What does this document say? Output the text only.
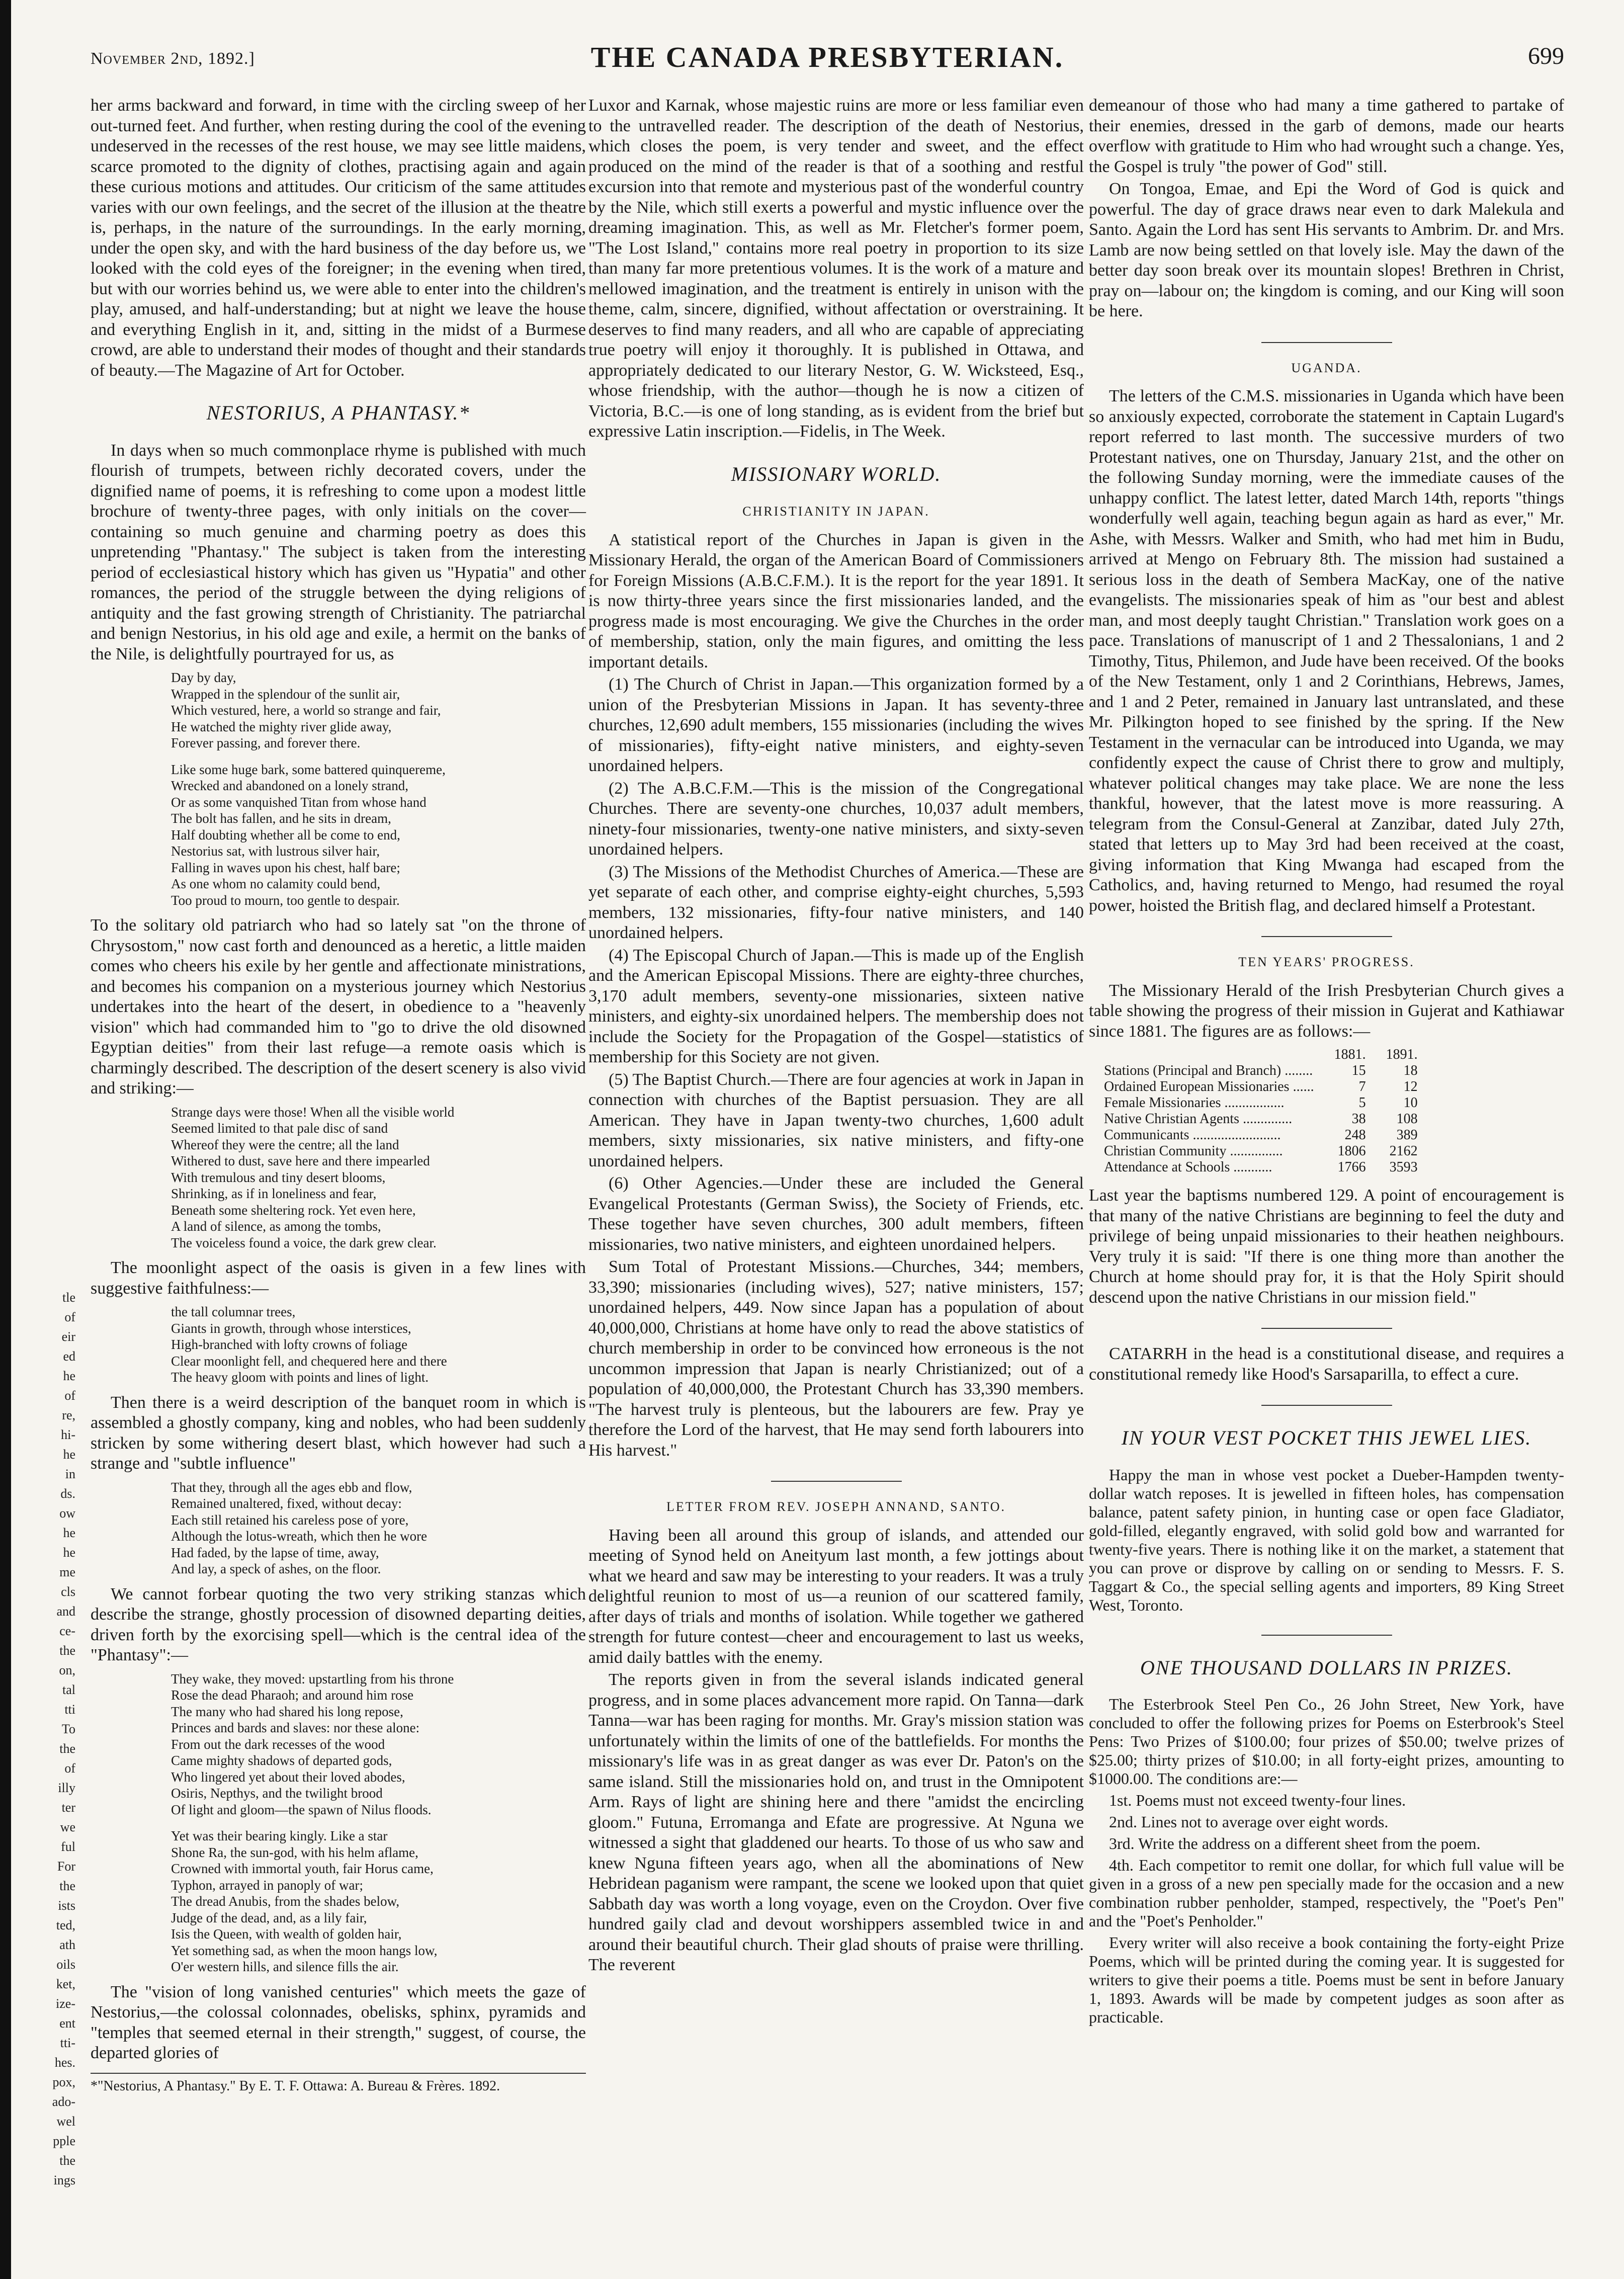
tle
of
eir
ed
he
of
re,
hi-
he
in
ds.
ow
he
he
me
cls
and
ce-
the
on,
tal
tti
To
the
of
illy
ter
we
ful
For
the
ists
ted,
ath
oils
ket,
ize-
ent
tti-
hes.
pox,
ado-
wel
pple
the
ings
November 2nd, 1892.]	THE CANADA PRESBYTERIAN.	699

her arms backward and forward, in time with the circling sweep of her out-turned feet. And further, when resting during the cool of the evening undeserved in the recesses of the rest house, we may see little maidens, scarce promoted to the dignity of clothes, practising again and again these curious motions and attitudes. Our criticism of the same attitudes varies with our own feelings, and the secret of the illusion at the theatre is, perhaps, in the nature of the surroundings. In the early morning, under the open sky, and with the hard business of the day before us, we looked with the cold eyes of the foreigner; in the evening when tired, but with our worries behind us, we were able to enter into the children's play, amused, and half-understanding; but at night we leave the house and everything English in it, and, sitting in the midst of a Burmese crowd, are able to understand their modes of thought and their standards of beauty.—The Magazine of Art for October.

NESTORIUS, A PHANTASY.*

In days when so much commonplace rhyme is published with much flourish of trumpets, between richly decorated covers, under the dignified name of poems, it is refreshing to come upon a modest little brochure of twenty-three pages, with only initials on the cover—containing so much genuine and charming poetry as does this unpretending "Phantasy." The subject is taken from the interesting period of ecclesiastical history which has given us "Hypatia" and other romances, the period of the struggle between the dying religions of antiquity and the fast growing strength of Christianity. The patriarchal and benign Nestorius, in his old age and exile, a hermit on the banks of the Nile, is delightfully pourtrayed for us, as

Day by day,
Wrapped in the splendour of the sunlit air,
Which vestured, here, a world so strange and fair,
He watched the mighty river glide away,
Forever passing, and forever there.
Like some huge bark, some battered quinquereme,
Wrecked and abandoned on a lonely strand,
Or as some vanquished Titan from whose hand
The bolt has fallen, and he sits in dream,
Half doubting whether all be come to end,
Nestorius sat, with lustrous silver hair,
Falling in waves upon his chest, half bare;
As one whom no calamity could bend,
Too proud to mourn, too gentle to despair.

To the solitary old patriarch who had so lately sat "on the throne of Chrysostom," now cast forth and denounced as a heretic, a little maiden comes who cheers his exile by her gentle and affectionate ministrations, and becomes his companion on a mysterious journey which Nestorius undertakes into the heart of the desert, in obedience to a "heavenly vision" which had commanded him to "go to drive the old disowned Egyptian deities" from their last refuge—a remote oasis which is charmingly described. The description of the desert scenery is also vivid and striking:—

Strange days were those! When all the visible world
Seemed limited to that pale disc of sand
Whereof they were the centre; all the land
Withered to dust, save here and there impearled
With tremulous and tiny desert blooms,
Shrinking, as if in loneliness and fear,
Beneath some sheltering rock. Yet even here,
A land of silence, as among the tombs,
The voiceless found a voice, the dark grew clear.

The moonlight aspect of the oasis is given in a few lines with suggestive faithfulness:—

the tall columnar trees,
Giants in growth, through whose interstices,
High-branched with lofty crowns of foliage
Clear moonlight fell, and chequered here and there
The heavy gloom with points and lines of light.

Then there is a weird description of the banquet room in which is assembled a ghostly company, king and nobles, who had been suddenly stricken by some withering desert blast, which however had such a strange and "subtle influence"

That they, through all the ages ebb and flow,
Remained unaltered, fixed, without decay:
Each still retained his careless pose of yore,
Although the lotus-wreath, which then he wore
Had faded, by the lapse of time, away,
And lay, a speck of ashes, on the floor.

We cannot forbear quoting the two very striking stanzas which describe the strange, ghostly procession of disowned departing deities, driven forth by the exorcising spell—which is the central idea of the "Phantasy":—

They wake, they moved: upstartling from his throne
Rose the dead Pharaoh; and around him rose
The many who had shared his long repose,
Princes and bards and slaves: nor these alone:
From out the dark recesses of the wood
Came mighty shadows of departed gods,
Who lingered yet about their loved abodes,
Osiris, Nepthys, and the twilight brood
Of light and gloom—the spawn of Nilus floods.
Yet was their bearing kingly. Like a star
Shone Ra, the sun-god, with his helm aflame,
Crowned with immortal youth, fair Horus came,
Typhon, arrayed in panoply of war;
The dread Anubis, from the shades below,
Judge of the dead, and, as a lily fair,
Isis the Queen, with wealth of golden hair,
Yet something sad, as when the moon hangs low,
O'er western hills, and silence fills the air.

The "vision of long vanished centuries" which meets the gaze of Nestorius,—the colossal colonnades, obelisks, sphinx, pyramids and "temples that seemed eternal in their strength," suggest, of course, the departed glories of

*"Nestorius, A Phantasy." By E. T. F. Ottawa: A. Bureau & Frères. 1892.

Luxor and Karnak, whose majestic ruins are more or less familiar even to the untravelled reader. The description of the death of Nestorius, which closes the poem, is very tender and sweet, and the effect produced on the mind of the reader is that of a soothing and restful excursion into that remote and mysterious past of the wonderful country by the Nile, which still exerts a powerful and mystic influence over the dreaming imagination. This, as well as Mr. Fletcher's former poem, "The Lost Island," contains more real poetry in proportion to its size than many far more pretentious volumes. It is the work of a mature and mellowed imagination, and the treatment is entirely in unison with the theme, calm, sincere, dignified, without affectation or overstraining. It deserves to find many readers, and all who are capable of appreciating true poetry will enjoy it thoroughly. It is published in Ottawa, and appropriately dedicated to our literary Nestor, G. W. Wicksteed, Esq., whose friendship, with the author—though he is now a citizen of Victoria, B.C.—is one of long standing, as is evident from the brief but expressive Latin inscription.—Fidelis, in The Week.

MISSIONARY WORLD.
CHRISTIANITY IN JAPAN.

A statistical report of the Churches in Japan is given in the Missionary Herald, the organ of the American Board of Commissioners for Foreign Missions (A.B.C.F.M.). It is the report for the year 1891. It is now thirty-three years since the first missionaries landed, and the progress made is most encouraging. We give the Churches in the order of membership, station, only the main figures, and omitting the less important details.

(1) The Church of Christ in Japan.—This organization formed by a union of the Presbyterian Missions in Japan. It has seventy-three churches, 12,690 adult members, 155 missionaries (including the wives of missionaries), fifty-eight native ministers, and eighty-seven unordained helpers.

(2) The A.B.C.F.M.—This is the mission of the Congregational Churches. There are seventy-one churches, 10,037 adult members, ninety-four missionaries, twenty-one native ministers, and sixty-seven unordained helpers.

(3) The Missions of the Methodist Churches of America.—These are yet separate of each other, and comprise eighty-eight churches, 5,593 members, 132 missionaries, fifty-four native ministers, and 140 unordained helpers.

(4) The Episcopal Church of Japan.—This is made up of the English and the American Episcopal Missions. There are eighty-three churches, 3,170 adult members, seventy-one missionaries, sixteen native ministers, and eighty-six unordained helpers. The membership does not include the Society for the Propagation of the Gospel—statistics of membership for this Society are not given.

(5) The Baptist Church.—There are four agencies at work in Japan in connection with churches of the Baptist persuasion. They are all American. They have in Japan twenty-two churches, 1,600 adult members, sixty missionaries, six native ministers, and fifty-one unordained helpers.

(6) Other Agencies.—Under these are included the General Evangelical Protestants (German Swiss), the Society of Friends, etc. These together have seven churches, 300 adult members, fifteen missionaries, two native ministers, and eighteen unordained helpers.

Sum Total of Protestant Missions.—Churches, 344; members, 33,390; missionaries (including wives), 527; native ministers, 157; unordained helpers, 449. Now since Japan has a population of about 40,000,000, Christians at home have only to read the above statistics of church membership in order to be convinced how erroneous is the not uncommon impression that Japan is nearly Christianized; out of a population of 40,000,000, the Protestant Church has 33,390 members. "The harvest truly is plenteous, but the labourers are few. Pray ye therefore the Lord of the harvest, that He may send forth labourers into His harvest."

LETTER FROM REV. JOSEPH ANNAND, SANTO.

Having been all around this group of islands, and attended our meeting of Synod held on Aneityum last month, a few jottings about what we heard and saw may be interesting to your readers. It was a truly delightful reunion to most of us—a reunion of our scattered family, after days of trials and months of isolation. While together we gathered strength for future contest—cheer and encouragement to last us weeks, amid daily battles with the enemy.

The reports given in from the several islands indicated general progress, and in some places advancement more rapid. On Tanna—dark Tanna—war has been raging for months. Mr. Gray's mission station was unfortunately within the limits of one of the battlefields. For months the missionary's life was in as great danger as was ever Dr. Paton's on the same island. Still the missionaries hold on, and trust in the Omnipotent Arm. Rays of light are shining here and there "amidst the encircling gloom." Futuna, Erromanga and Efate are progressive. At Nguna we witnessed a sight that gladdened our hearts. To those of us who saw and knew Nguna fifteen years ago, when all the abominations of New Hebridean paganism were rampant, the scene we looked upon that quiet Sabbath day was worth a long voyage, even on the Croydon. Over five hundred gaily clad and devout worshippers assembled twice in and around their beautiful church. Their glad shouts of praise were thrilling. The reverent

demeanour of those who had many a time gathered to partake of their enemies, dressed in the garb of demons, made our hearts overflow with gratitude to Him who had wrought such a change. Yes, the Gospel is truly "the power of God" still.

On Tongoa, Emae, and Epi the Word of God is quick and powerful. The day of grace draws near even to dark Malekula and Santo. Again the Lord has sent His servants to Ambrim. Dr. and Mrs. Lamb are now being settled on that lovely isle. May the dawn of the better day soon break over its mountain slopes! Brethren in Christ, pray on—labour on; the kingdom is coming, and our King will soon be here.

UGANDA.

The letters of the C.M.S. missionaries in Uganda which have been so anxiously expected, corroborate the statement in Captain Lugard's report referred to last month. The successive murders of two Protestant natives, one on Thursday, January 21st, and the other on the following Sunday morning, were the immediate causes of the unhappy conflict. The latest letter, dated March 14th, reports "things wonderfully well again, teaching begun again as hard as ever," Mr. Ashe, with Messrs. Walker and Smith, who had met him in Budu, arrived at Mengo on February 8th. The mission had sustained a serious loss in the death of Sembera MacKay, one of the native evangelists. The missionaries speak of him as "our best and ablest man, and most deeply taught Christian." Translation work goes on a pace. Translations of manuscript of 1 and 2 Thessalonians, 1 and 2 Timothy, Titus, Philemon, and Jude have been received. Of the books of the New Testament, only 1 and 2 Corinthians, Hebrews, James, and 1 and 2 Peter, remained in January last untranslated, and these Mr. Pilkington hoped to see finished by the spring. If the New Testament in the vernacular can be introduced into Uganda, we may confidently expect the cause of Christ there to grow and multiply, whatever political changes may take place. We are none the less thankful, however, that the latest move is more reassuring. A telegram from the Consul-General at Zanzibar, dated July 27th, stated that letters up to May 3rd had been received at the coast, giving information that King Mwanga had escaped from the Catholics, and, having returned to Mengo, had resumed the royal power, hoisted the British flag, and declared himself a Protestant.

TEN YEARS' PROGRESS.

The Missionary Herald of the Irish Presbyterian Church gives a table showing the progress of their mission in Gujerat and Kathiawar since 1881. The figures are as follows:—

	1881.	1891.
Stations (Principal and Branch) ........	15	18
Ordained European Missionaries ......	7	12
Female Missionaries .................	5	10
Native Christian Agents ..............	38	108
Communicants .........................	248	389
Christian Community ...............	1806	2162
Attendance at Schools ...........	1766	3593

Last year the baptisms numbered 129. A point of encouragement is that many of the native Christians are beginning to feel the duty and privilege of being unpaid missionaries to their heathen neighbours. Very truly it is said: "If there is one thing more than another the Church at home should pray for, it is that the Holy Spirit should descend upon the native Christians in our mission field."

CATARRH in the head is a constitutional disease, and requires a constitutional remedy like Hood's Sarsaparilla, to effect a cure.

IN YOUR VEST POCKET THIS JEWEL LIES.

Happy the man in whose vest pocket a Dueber-Hampden twenty-dollar watch reposes. It is jewelled in fifteen holes, has compensation balance, patent safety pinion, in hunting case or open face Gladiator, gold-filled, elegantly engraved, with solid gold bow and warranted for twenty-five years. There is nothing like it on the market, a statement that you can prove or disprove by calling on or sending to Messrs. F. S. Taggart & Co., the special selling agents and importers, 89 King Street West, Toronto.

ONE THOUSAND DOLLARS IN PRIZES.

The Esterbrook Steel Pen Co., 26 John Street, New York, have concluded to offer the following prizes for Poems on Esterbrook's Steel Pens: Two Prizes of $100.00; four prizes of $50.00; twelve prizes of $25.00; thirty prizes of $10.00; in all forty-eight prizes, amounting to $1000.00. The conditions are:—

1st. Poems must not exceed twenty-four lines.

2nd. Lines not to average over eight words.

3rd. Write the address on a different sheet from the poem.

4th. Each competitor to remit one dollar, for which full value will be given in a gross of a new pen specially made for the occasion and a new combination rubber penholder, stamped, respectively, the "Poet's Pen" and the "Poet's Penholder."

Every writer will also receive a book containing the forty-eight Prize Poems, which will be printed during the coming year. It is suggested for writers to give their poems a title. Poems must be sent in before January 1, 1893. Awards will be made by competent judges as soon after as practicable.
